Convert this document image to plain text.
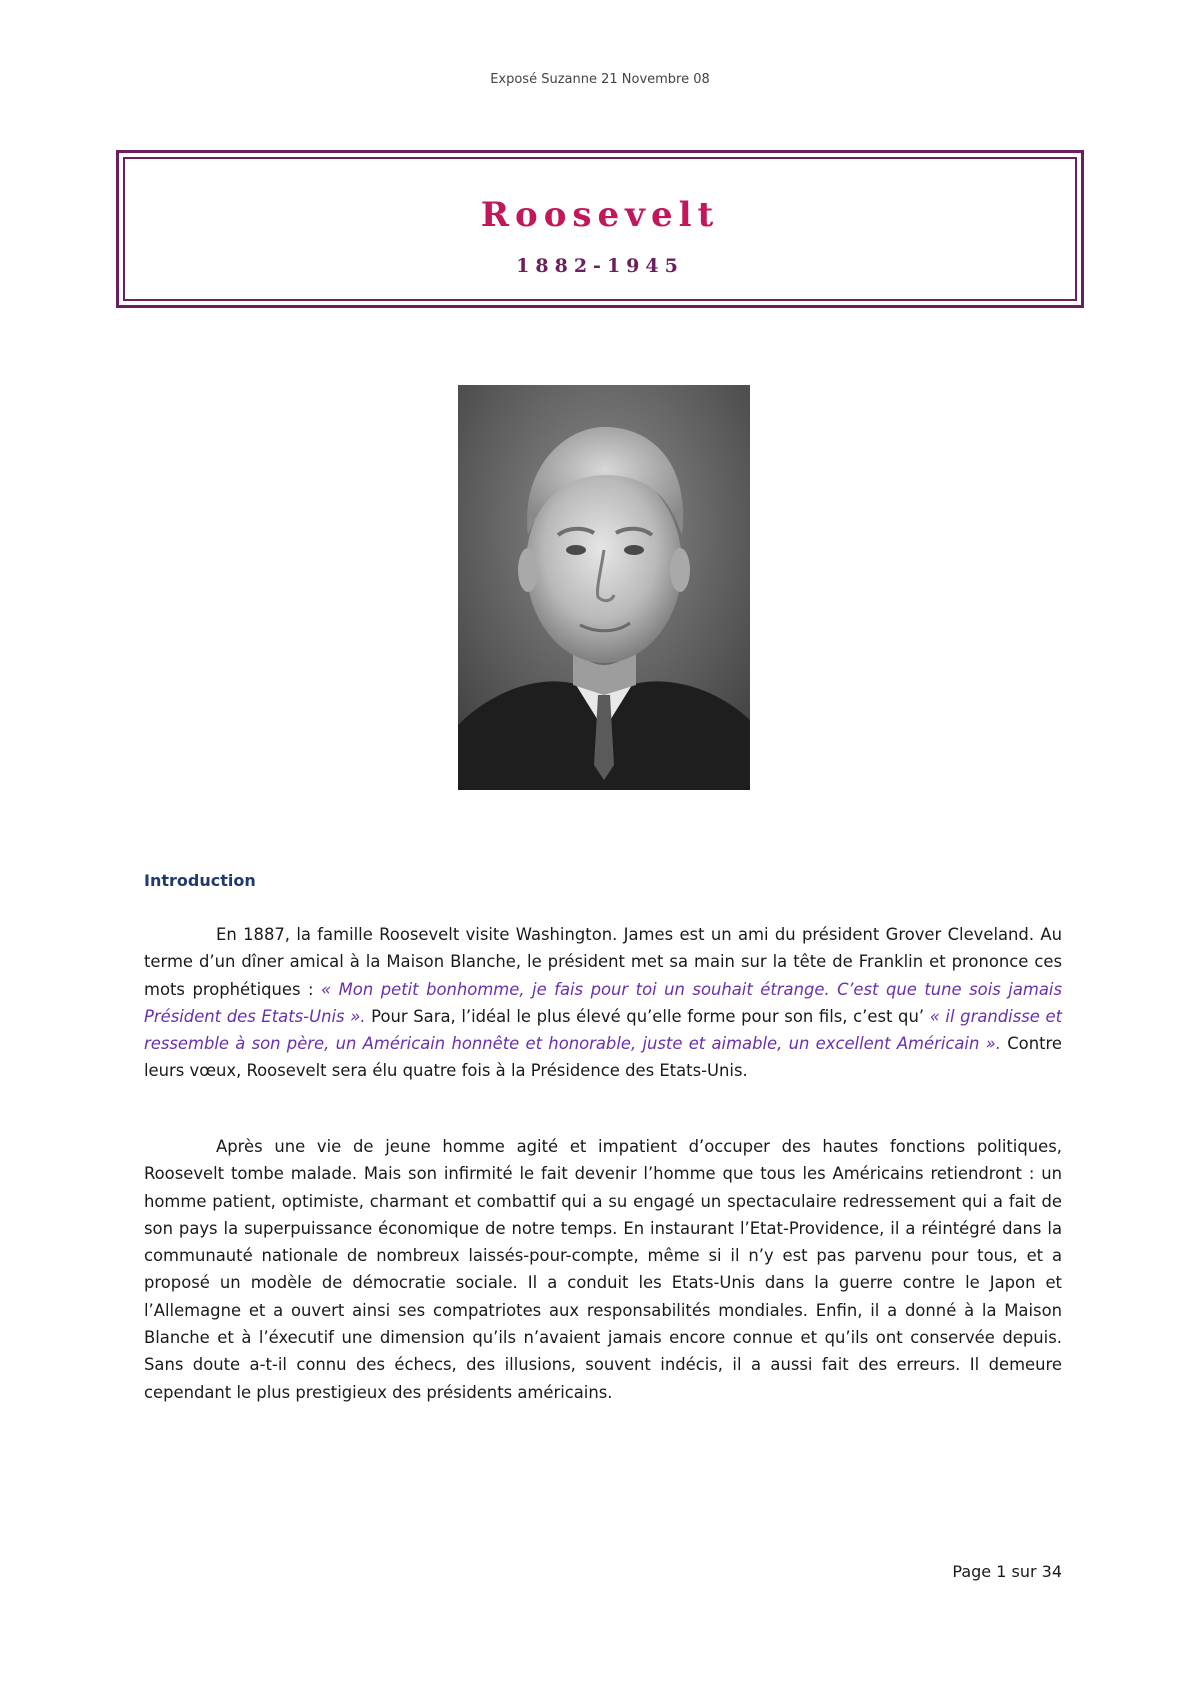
Exposé Suzanne 21 Novembre 08
Roosevelt
1882-1945
Introduction

En 1887, la famille Roosevelt visite Washington. James est un ami du président Grover Cleveland. Au terme d’un dîner amical à la Maison Blanche, le président met sa main sur la tête de Franklin et prononce ces mots prophétiques : « Mon petit bonhomme, je fais pour toi un souhait étrange. C’est que tune sois jamais Président des Etats-Unis ». Pour Sara, l’idéal le plus élevé qu’elle forme pour son fils, c’est qu’ « il grandisse et ressemble à son père, un Américain honnête et honorable, juste et aimable, un excellent Américain ». Contre leurs vœux, Roosevelt sera élu quatre fois à la Présidence des Etats-Unis.

Après une vie de jeune homme agité et impatient d’occuper des hautes fonctions politiques, Roosevelt tombe malade. Mais son infirmité le fait devenir l’homme que tous les Américains retiendront : un homme patient, optimiste, charmant et combattif qui a su engagé un spectaculaire redressement qui a fait de son pays la superpuissance économique de notre temps. En instaurant l’Etat-Providence, il a réintégré dans la communauté nationale de nombreux laissés-pour-compte, même si il n’y est pas parvenu pour tous, et a proposé un modèle de démocratie sociale. Il a conduit les Etats-Unis dans la guerre contre le Japon et l’Allemagne et a ouvert ainsi ses compatriotes aux responsabilités mondiales. Enfin, il a donné à la Maison Blanche et à l’éxecutif une dimension qu’ils n’avaient jamais encore connue et qu’ils ont conservée depuis. Sans doute a-t-il connu des échecs, des illusions, souvent indécis, il a aussi fait des erreurs. Il demeure cependant le plus prestigieux des présidents américains.

Page 1 sur 34
